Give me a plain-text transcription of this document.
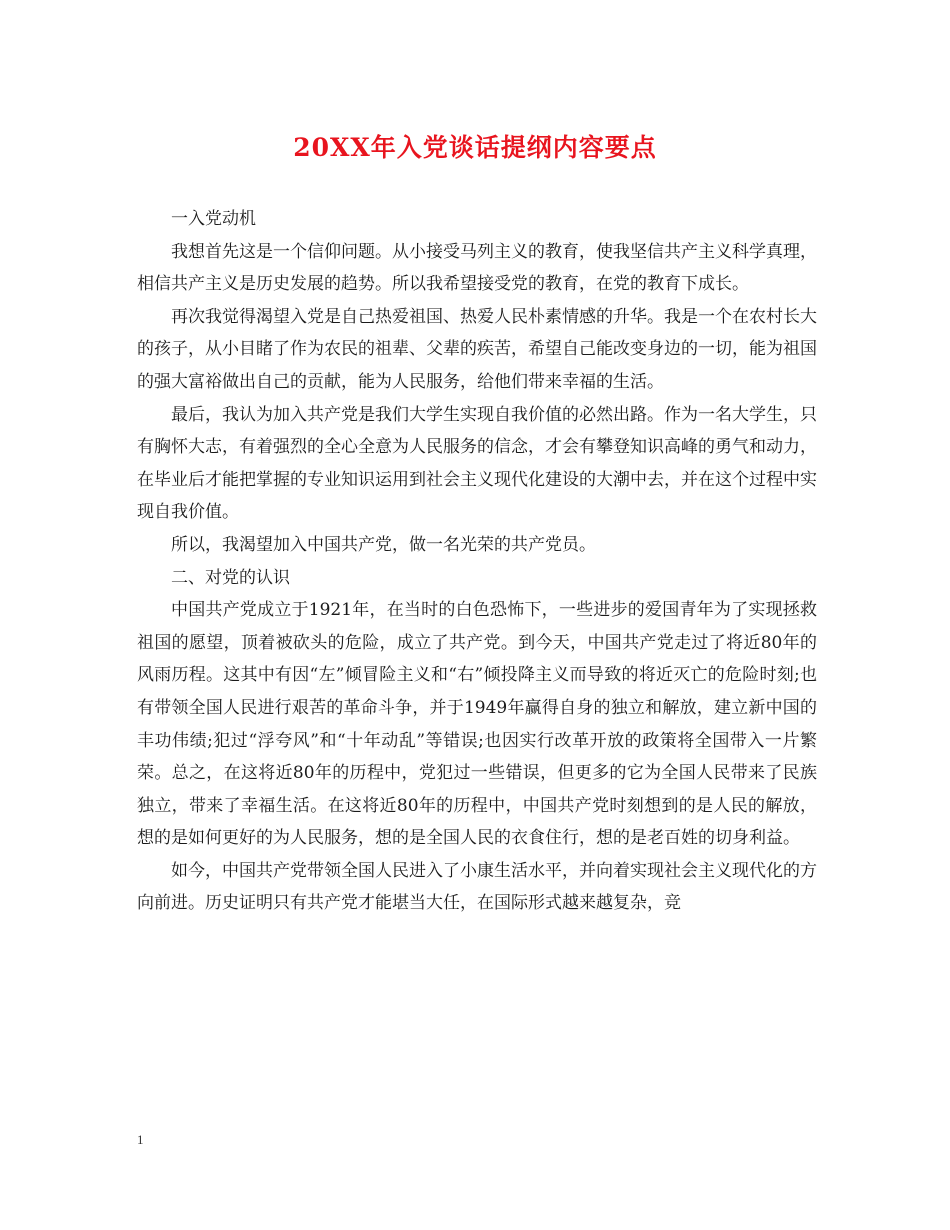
20XX年入党谈话提纲内容要点

一入党动机

我想首先这是一个信仰问题。从小接受马列主义的教育，使我坚信共产主义科学真理，相信共产主义是历史发展的趋势。所以我希望接受党的教育，在党的教育下成长。

再次我觉得渴望入党是自己热爱祖国、热爱人民朴素情感的升华。我是一个在农村长大的孩子，从小目睹了作为农民的祖辈、父辈的疾苦，希望自己能改变身边的一切，能为祖国的强大富裕做出自己的贡献，能为人民服务，给他们带来幸福的生活。

最后，我认为加入共产党是我们大学生实现自我价值的必然出路。作为一名大学生，只有胸怀大志，有着强烈的全心全意为人民服务的信念，才会有攀登知识高峰的勇气和动力，在毕业后才能把掌握的专业知识运用到社会主义现代化建设的大潮中去，并在这个过程中实现自我价值。

所以，我渴望加入中国共产党，做一名光荣的共产党员。

二、对党的认识

中国共产党成立于1921年，在当时的白色恐怖下，一些进步的爱国青年为了实现拯救祖国的愿望，顶着被砍头的危险，成立了共产党。到今天，中国共产党走过了将近80年的风雨历程。这其中有因“左”倾冒险主义和“右”倾投降主义而导致的将近灭亡的危险时刻;也有带领全国人民进行艰苦的革命斗争，并于1949年赢得自身的独立和解放，建立新中国的丰功伟绩;犯过“浮夸风”和“十年动乱”等错误;也因实行改革开放的政策将全国带入一片繁荣。总之，在这将近80年的历程中，党犯过一些错误，但更多的它为全国人民带来了民族独立，带来了幸福生活。在这将近80年的历程中，中国共产党时刻想到的是人民的解放，想的是如何更好的为人民服务，想的是全国人民的衣食住行，想的是老百姓的切身利益。

如今，中国共产党带领全国人民进入了小康生活水平，并向着实现社会主义现代化的方向前进。历史证明只有共产党才能堪当大任，在国际形式越来越复杂，竞

1
